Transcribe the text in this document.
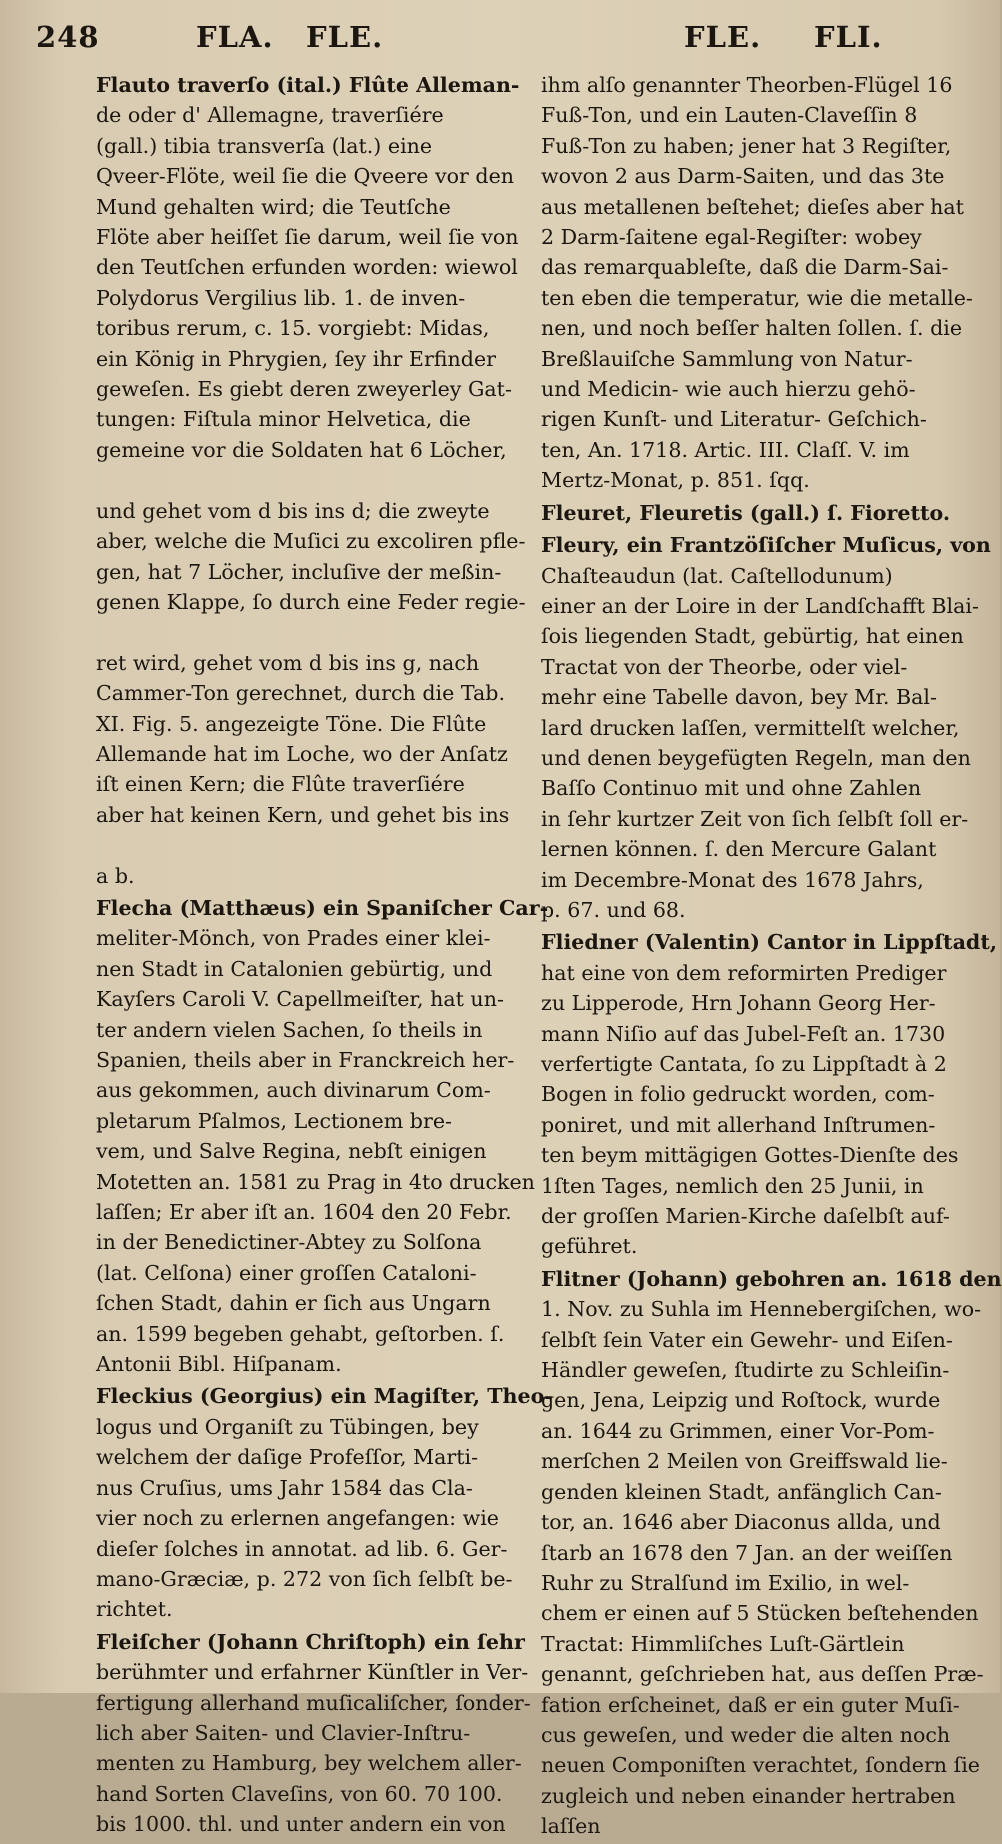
248	FLA. FLE.	FLE. FLI.
Flauto traverſo (ital.) Flûte Alleman-
de oder d' Allemagne, traverſiére
(gall.) tibia transverſa (lat.) eine
Qveer-Flöte, weil ſie die Qveere vor den
Mund gehalten wird; die Teutſche
Flöte aber heiſſet ſie darum, weil ſie von
den Teutſchen erfunden worden: wiewol
Polydorus Vergilius lib. 1. de inven-
toribus rerum, c. 15. vorgiebt: Midas,
ein König in Phrygien, ſey ihr Erfinder
geweſen. Es giebt deren zweyerley Gat-
tungen: Fiſtula minor Helvetica, die
gemeine vor die Soldaten hat 6 Löcher,

und gehet vom d bis ins d; die zweyte
aber, welche die Muſici zu excoliren pfle-
gen, hat 7 Löcher, incluſive der meßin-
genen Klappe, ſo durch eine Feder regie-

ret wird, gehet vom d bis ins g, nach
Cammer-Ton gerechnet, durch die Tab.
XI. Fig. 5. angezeigte Töne. Die Flûte
Allemande hat im Loche, wo der Anſatz
iſt einen Kern; die Flûte traverſiére
aber hat keinen Kern, und gehet bis ins

a b.
Flecha (Matthæus) ein Spaniſcher Car-
meliter-Mönch, von Prades einer klei-
nen Stadt in Catalonien gebürtig, und
Kayſers Caroli V. Capellmeiſter, hat un-
ter andern vielen Sachen, ſo theils in
Spanien, theils aber in Franckreich her-
aus gekommen, auch divinarum Com-
pletarum Pſalmos, Lectionem bre-
vem, und Salve Regina, nebſt einigen
Motetten an. 1581 zu Prag in 4to drucken
laſſen; Er aber iſt an. 1604 den 20 Febr.
in der Benedictiner-Abtey zu Solſona
(lat. Celſona) einer groſſen Cataloni-
ſchen Stadt, dahin er ſich aus Ungarn
an. 1599 begeben gehabt, geſtorben. ſ.
Antonii Bibl. Hiſpanam.
Fleckius (Georgius) ein Magiſter, Theo-
logus und Organiſt zu Tübingen, bey
welchem der daſige Profeſſor, Marti-
nus Cruſius, ums Jahr 1584 das Cla-
vier noch zu erlernen angefangen: wie
dieſer ſolches in annotat. ad lib. 6. Ger-
mano-Græciæ, p. 272 von ſich ſelbſt be-
richtet.
Fleiſcher (Johann Chriſtoph) ein ſehr
berühmter und erfahrner Künſtler in Ver-
fertigung allerhand muſicaliſcher, ſonder-
lich aber Saiten- und Clavier-Inſtru-
menten zu Hamburg, bey welchem aller-
hand Sorten Claveſins, von 60. 70 100.
bis 1000. thl. und unter andern ein von
ihm alſo genannter Theorben-Flügel 16
Fuß-Ton, und ein Lauten-Claveſſin 8
Fuß-Ton zu haben; jener hat 3 Regiſter,
wovon 2 aus Darm-Saiten, und das 3te
aus metallenen beſtehet; dieſes aber hat
2 Darm-ſaitene egal-Regiſter: wobey
das remarquableſte, daß die Darm-Sai-
ten eben die temperatur, wie die metalle-
nen, und noch beſſer halten ſollen. ſ. die
Breßlauiſche Sammlung von Natur-
und Medicin- wie auch hierzu gehö-
rigen Kunſt- und Literatur- Geſchich-
ten, An. 1718. Artic. III. Claſſ. V. im
Mertz-Monat, p. 851. ſqq.
Fleuret, Fleuretis (gall.) ſ. Fioretto.
Fleury, ein Frantzöſiſcher Muſicus, von
Chaſteaudun (lat. Caſtellodunum)
einer an der Loire in der Landſchafft Blai-
ſois liegenden Stadt, gebürtig, hat einen
Tractat von der Theorbe, oder viel-
mehr eine Tabelle davon, bey Mr. Bal-
lard drucken laſſen, vermittelſt welcher,
und denen beygefügten Regeln, man den
Baſſo Continuo mit und ohne Zahlen
in ſehr kurtzer Zeit von ſich ſelbſt ſoll er-
lernen können. ſ. den Mercure Galant
im Decembre-Monat des 1678 Jahrs,
p. 67. und 68.
Fliedner (Valentin) Cantor in Lippſtadt,
hat eine von dem reformirten Prediger
zu Lipperode, Hrn Johann Georg Her-
mann Niſio auf das Jubel-Feſt an. 1730
verfertigte Cantata, ſo zu Lippſtadt à 2
Bogen in folio gedruckt worden, com-
poniret, und mit allerhand Inſtrumen-
ten beym mittägigen Gottes-Dienſte des
1ſten Tages, nemlich den 25 Junii, in
der groſſen Marien-Kirche daſelbſt auf-
geführet.
Flitner (Johann) gebohren an. 1618 den
1. Nov. zu Suhla im Hennebergiſchen, wo-
ſelbſt ſein Vater ein Gewehr- und Eiſen-
Händler geweſen, ſtudirte zu Schleiſin-
gen, Jena, Leipzig und Roſtock, wurde
an. 1644 zu Grimmen, einer Vor-Pom-
merſchen 2 Meilen von Greiffswald lie-
genden kleinen Stadt, anfänglich Can-
tor, an. 1646 aber Diaconus allda, und
ſtarb an 1678 den 7 Jan. an der weiſſen
Ruhr zu Stralſund im Exilio, in wel-
chem er einen auf 5 Stücken beſtehenden
Tractat: Himmliſches Luſt-Gärtlein
genannt, geſchrieben hat, aus deſſen Præ-
fation erſcheinet, daß er ein guter Muſi-
cus geweſen, und weder die alten noch
neuen Componiſten verachtet, ſondern ſie
zugleich und neben einander hertraben
laſſen
